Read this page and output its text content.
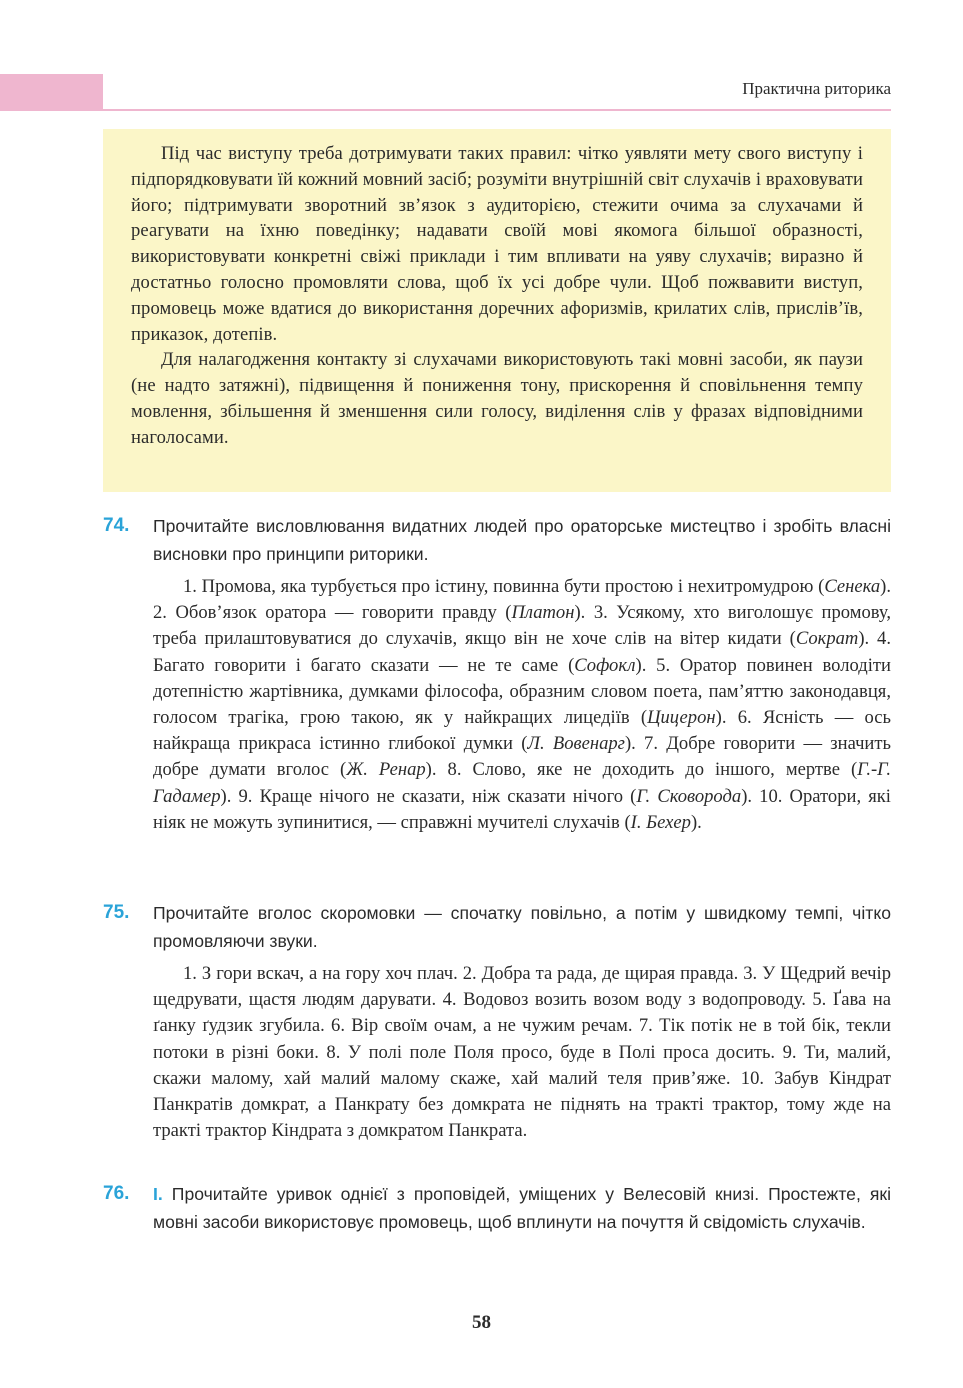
Практична риторика

Під час виступу треба дотримувати таких правил: чітко уявляти мету свого виступу і підпорядковувати їй кожний мовний засіб; розуміти внутрішній світ слухачів і враховувати його; підтримувати зворотний зв’язок з аудиторією, стежити очима за слухачами й реагувати на їхню поведінку; надавати своїй мові якомога більшої образності, використовувати конкретні свіжі приклади і тим впливати на уяву слухачів; виразно й достатньо голосно промовляти слова, щоб їх усі добре чули. Щоб пожвавити виступ, промовець може вдатися до використання доречних афоризмів, крилатих слів, прислів’їв, приказок, дотепів.

Для налагодження контакту зі слухачами використовують такі мовні засоби, як паузи (не надто затяжні), підвищення й пониження тону, прискорення й сповільнення темпу мовлення, збільшення й зменшення сили голосу, виділення слів у фразах відповідними наголосами.

74. Прочитайте висловлювання видатних людей про ораторське мистецтво і зробіть власні висновки про принципи риторики.
1. Промова, яка турбується про істину, повинна бути простою і нехитромудрою (Сенека). 2. Обов’язок оратора — говорити правду (Платон). 3. Усякому, хто виголошує промову, треба прилаштовуватися до слухачів, якщо він не хоче слів на вітер кидати (Сократ). 4. Багато говорити і багато сказати — не те саме (Софокл). 5. Оратор повинен володіти дотепністю жартівника, думками філософа, образним словом поета, пам’яттю законодавця, голосом трагіка, грою такою, як у найкращих лицедіїв (Цицерон). 6. Ясність — ось найкраща прикраса істинно глибокої думки (Л. Вовенарг). 7. Добре говорити — значить добре думати вголос (Ж. Ренар). 8. Слово, яке не доходить до іншого, мертве (Г.-Г. Гадамер). 9. Краще нічого не сказати, ніж сказати нічого (Г. Сковорода). 10. Оратори, які ніяк не можуть зупинитися, — справжні мучителі слухачів (І. Бехер).
75. Прочитайте вголос скоромовки — спочатку повільно, а потім у швидкому темпі, чітко промовляючи звуки.
1. З гори вскач, а на гору хоч плач. 2. Добра та рада, де щирая правда. 3. У Щедрий вечір щедрувати, щастя людям дарувати. 4. Водовоз возить возом воду з водопроводу. 5. Ґава на ґанку ґудзик згубила. 6. Вір своїм очам, а не чужим речам. 7. Тік потік не в той бік, текли потоки в різні боки. 8. У полі поле Поля просо, буде в Полі проса досить. 9. Ти, малий, скажи малому, хай малий малому скаже, хай малий теля прив’яже. 10. Забув Кіндрат Панкратів домкрат, а Панкрату без домкрата не піднять на тракті трактор, тому жде на тракті трактор Кіндрата з домкратом Панкрата.
76. І. Прочитайте уривок однієї з проповідей, уміщених у Велесовій книзі. Простежте, які мовні засоби використовує промовець, щоб вплинути на почуття й свідомість слухачів.
58
